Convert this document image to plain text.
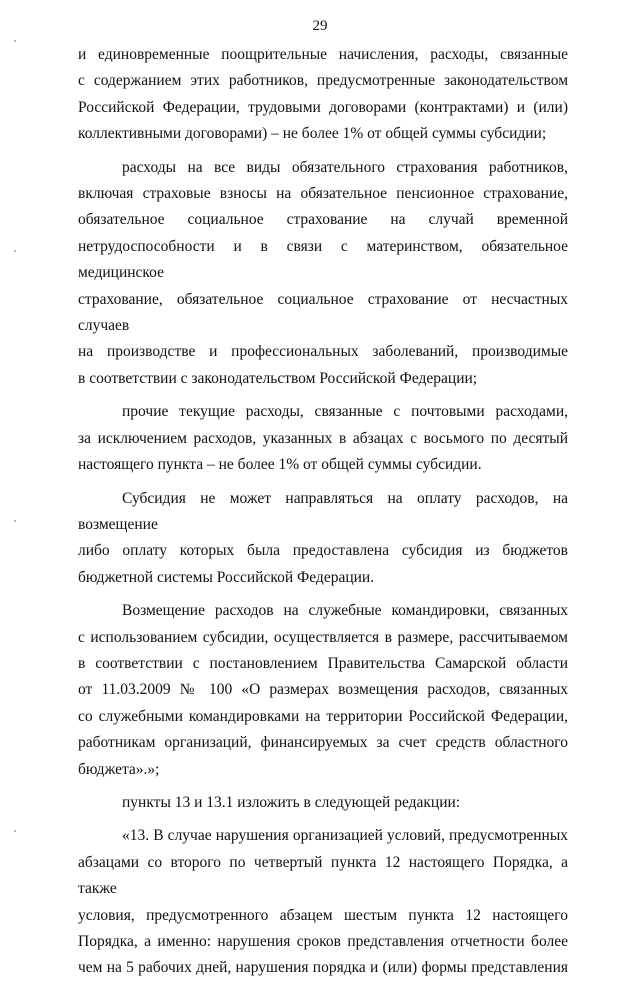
29
и единовременные поощрительные начисления, расходы, связанные
с содержанием этих работников, предусмотренные законодательством
Российской Федерации, трудовыми договорами (контрактами) и (или)
коллективными договорами) – не более 1% от общей суммы субсидии;
расходы на все виды обязательного страхования работников,
включая страховые взносы на обязательное пенсионное страхование,
обязательное социальное страхование на случай временной
нетрудоспособности и в связи с материнством, обязательное медицинское
страхование, обязательное социальное страхование от несчастных случаев
на производстве и профессиональных заболеваний, производимые
в соответствии с законодательством Российской Федерации;
прочие текущие расходы, связанные с почтовыми расходами,
за исключением расходов, указанных в абзацах с восьмого по десятый
настоящего пункта – не более 1% от общей суммы субсидии.
Субсидия не может направляться на оплату расходов, на возмещение
либо оплату которых была предоставлена субсидия из бюджетов
бюджетной системы Российской Федерации.
Возмещение расходов на служебные командировки, связанных
с использованием субсидии, осуществляется в размере, рассчитываемом
в соответствии с постановлением Правительства Самарской области
от 11.03.2009 № 100 «О размерах возмещения расходов, связанных
со служебными командировками на территории Российской Федерации,
работникам организаций, финансируемых за счет средств областного
бюджета».»;
пункты 13 и 13.1 изложить в следующей редакции:
«13. В случае нарушения организацией условий, предусмотренных
абзацами со второго по четвертый пункта 12 настоящего Порядка, а также
условия, предусмотренного абзацем шестым пункта 12 настоящего
Порядка, а именно: нарушения сроков представления отчетности более
чем на 5 рабочих дней, нарушения порядка и (или) формы представления
